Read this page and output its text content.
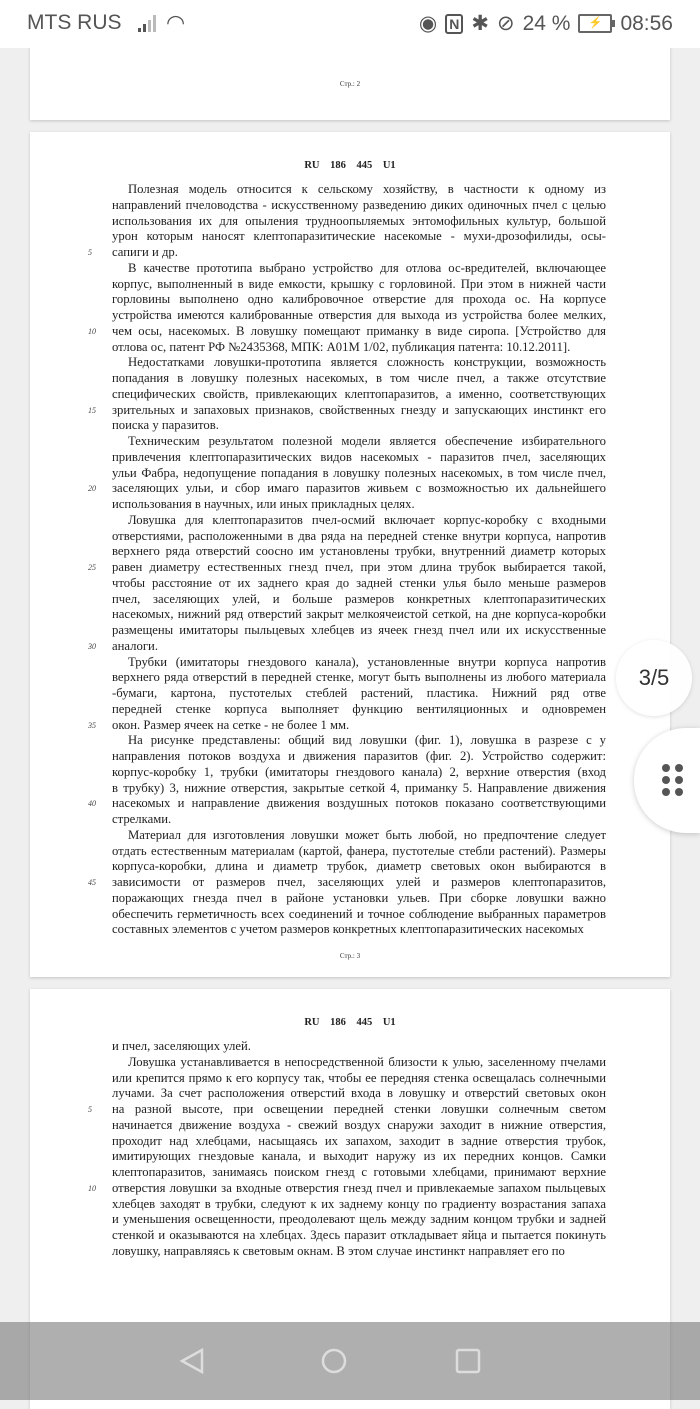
MTS RUS ◠	◉ N ✱ ⊘ 24 %	⚡ 08:56
Стр.: 2
RU 186 445 U1
Полезная модель относится к сельскому хозяйству, в частности к одному из
направлений пчеловодства - искусственному разведению диких одиночных пчел с целью
использования их для опыления трудноопыляемых энтомофильных культур, большой
урон которым наносят клептопаразитические насекомые - мухи-дрозофилиды, осы-
5 сапиги и др.
В качестве прототипа выбрано устройство для отлова ос-вредителей, включающее
корпус, выполненный в виде емкости, крышку с горловиной. При этом в нижней части
горловины выполнено одно калибровочное отверстие для прохода ос. На корпусе
устройства имеются калиброванные отверстия для выхода из устройства более мелких,
10 чем осы, насекомых. В ловушку помещают приманку в виде сиропа. [Устройство для
отлова ос, патент РФ №2435368, МПК: A01M 1/02, публикация патента: 10.12.2011].
Недостатками ловушки-прототипа является сложность конструкции, возможность
попадания в ловушку полезных насекомых, в том числе пчел, а также отсутствие
специфических свойств, привлекающих клептопаразитов, а именно, соответствующих
15 зрительных и запаховых признаков, свойственных гнезду и запускающих инстинкт его
поиска у паразитов.
Техническим результатом полезной модели является обеспечение избирательного
привлечения клептопаразитических видов насекомых - паразитов пчел, заселяющих
ульи Фабра, недопущение попадания в ловушку полезных насекомых, в том числе пчел,
20 заселяющих ульи, и сбор имаго паразитов живьем с возможностью их дальнейшего
использования в научных, или иных прикладных целях.
Ловушка для клептопаразитов пчел-осмий включает корпус-коробку с входными
отверстиями, расположенными в два ряда на передней стенке внутри корпуса, напротив
верхнего ряда отверстий соосно им установлены трубки, внутренний диаметр которых
25 равен диаметру естественных гнезд пчел, при этом длина трубок выбирается такой,
чтобы расстояние от их заднего края до задней стенки улья было меньше размеров
пчел, заселяющих улей, и больше размеров конкретных клептопаразитических
насекомых, нижний ряд отверстий закрыт мелкоячеистой сеткой, на дне корпуса-коробки
размещены имитаторы пыльцевых хлебцев из ячеек гнезд пчел или их искусственные
30 аналоги.
Трубки (имитаторы гнездового канала), установленные внутри корпуса напротив
верхнего ряда отверстий в передней стенке, могут быть выполнены из любого материала
-бумаги, картона, пустотелых стеблей растений, пластика. Нижний ряд отве
передней стенке корпуса выполняет функцию вентиляционных и одновремен
35 окон. Размер ячеек на сетке - не более 1 мм.
На рисунке представлены: общий вид ловушки (фиг. 1), ловушка в разрезе с у
направления потоков воздуха и движения паразитов (фиг. 2). Устройство содержит:
корпус-коробку 1, трубки (имитаторы гнездового канала) 2, верхние отверстия (вход
в трубку) 3, нижние отверстия, закрытые сеткой 4, приманку 5. Направление движения
40 насекомых и направление движения воздушных потоков показано соответствующими
стрелками.
Материал для изготовления ловушки может быть любой, но предпочтение следует
отдать естественным материалам (картой, фанера, пустотелые стебли растений). Размеры
корпуса-коробки, длина и диаметр трубок, диаметр световых окон выбираются в
45 зависимости от размеров пчел, заселяющих улей и размеров клептопаразитов,
поражающих гнезда пчел в районе установки ульев. При сборке ловушки важно
обеспечить герметичность всех соединений и точное соблюдение выбранных параметров
составных элементов с учетом размеров конкретных клептопаразитических насекомых
Стр.: 3
RU 186 445 U1
и пчел, заселяющих улей.
Ловушка устанавливается в непосредственной близости к улью, заселенному пчелами
или крепится прямо к его корпусу так, чтобы ее передняя стенка освещалась солнечными
лучами. За счет расположения отверстий входа в ловушку и отверстий световых окон
5 на разной высоте, при освещении передней стенки ловушки солнечным светом
начинается движение воздуха - свежий воздух снаружи заходит в нижние отверстия,
проходит над хлебцами, насыщаясь их запахом, заходит в задние отверстия трубок,
имитирующих гнездовые канала, и выходит наружу из их передних концов. Самки
клептопаразитов, занимаясь поиском гнезд с готовыми хлебцами, принимают верхние
10 отверстия ловушки за входные отверстия гнезд пчел и привлекаемые запахом пыльцевых
хлебцев заходят в трубки, следуют к их заднему концу по градиенту возрастания запаха
и уменьшения освещенности, преодолевают щель между задним концом трубки и задней
стенкой и оказываются на хлебцах. Здесь паразит откладывает яйца и пытается покинуть
ловушку, направляясь к световым окнам. В этом случае инстинкт направляет его по
3/5
